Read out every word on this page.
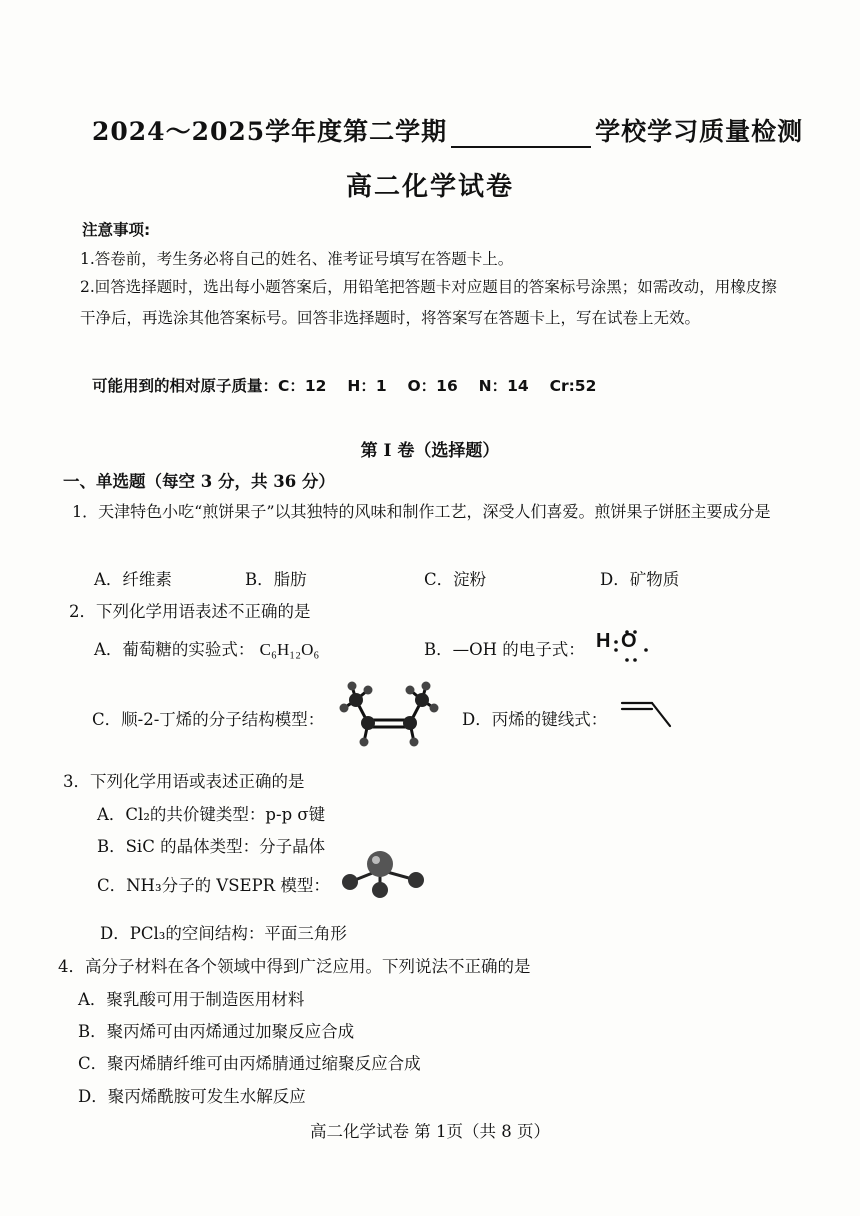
2024～2025学年度第二学期	学校学习质量检测
高二化学试卷
注意事项:
1.答卷前，考生务必将自己的姓名、准考证号填写在答题卡上。
2.回答选择题时，选出每小题答案后，用铅笔把答题卡对应题目的答案标号涂黑；如需改动，用橡皮擦干净后，再选涂其他答案标号。回答非选择题时，将答案写在答题卡上，写在试卷上无效。
可能用到的相对原子质量：C：12　 H：1　 O：16　 N：14　 Cr:52
第 I 卷（选择题）
一、单选题（每空 3 分，共 36 分）
1．天津特色小吃“煎饼果子”以其独特的风味和制作工艺，深受人们喜爱。煎饼果子饼胚主要成分是
A．纤维素	B．脂肪	C．淀粉	D．矿物质
2．下列化学用语表述不正确的是
A．葡萄糖的实验式： C₆H₁₂O₆	B．—OH 的电子式： H O
C．顺-2-丁烯的分子结构模型：	D．丙烯的键线式：
3．下列化学用语或表述正确的是
A．Cl₂的共价键类型：p-p σ键
B．SiC 的晶体类型：分子晶体
C．NH₃分子的 VSEPR 模型：
D．PCl₃的空间结构：平面三角形
4．高分子材料在各个领域中得到广泛应用。下列说法不正确的是
A．聚乳酸可用于制造医用材料
B．聚丙烯可由丙烯通过加聚反应合成
C．聚丙烯腈纤维可由丙烯腈通过缩聚反应合成
D．聚丙烯酰胺可发生水解反应
高二化学试卷 第 1页（共 8 页）
